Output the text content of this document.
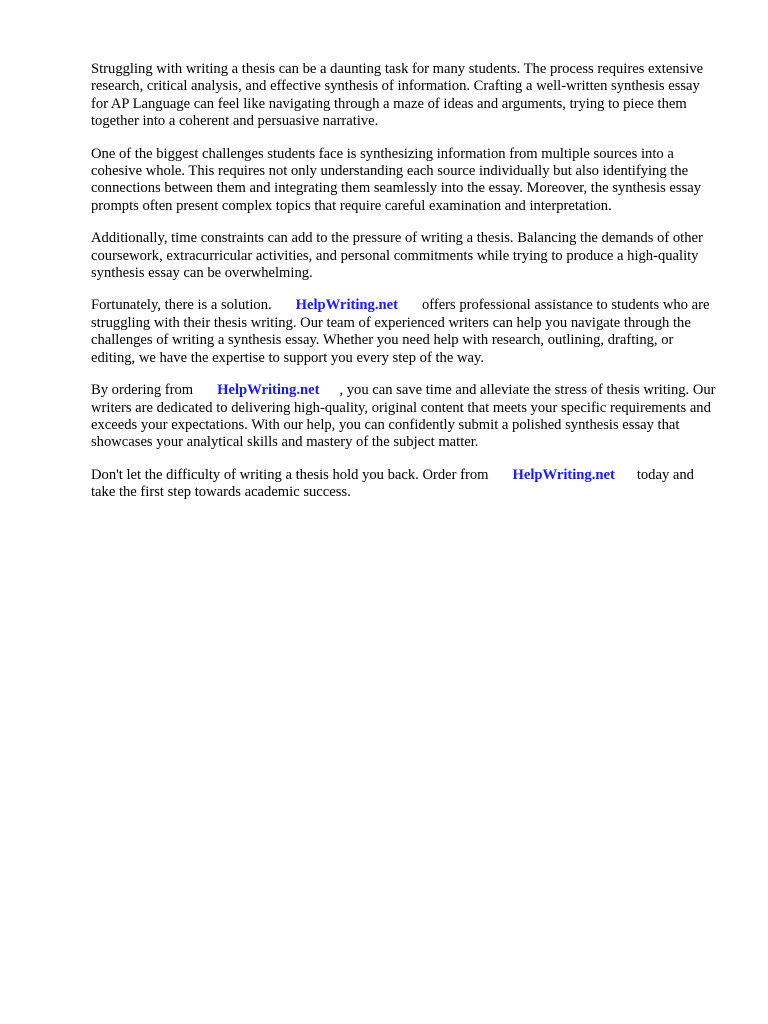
Struggling with writing a thesis can be a daunting task for many students. The process requires extensive research, critical analysis, and effective synthesis of information. Crafting a well-written synthesis essay for AP Language can feel like navigating through a maze of ideas and arguments, trying to piece them together into a coherent and persuasive narrative.

One of the biggest challenges students face is synthesizing information from multiple sources into a cohesive whole. This requires not only understanding each source individually but also identifying the connections between them and integrating them seamlessly into the essay. Moreover, the synthesis essay prompts often present complex topics that require careful examination and interpretation.

Additionally, time constraints can add to the pressure of writing a thesis. Balancing the demands of other coursework, extracurricular activities, and personal commitments while trying to produce a high-quality synthesis essay can be overwhelming.

Fortunately, there is a solution. HelpWriting.net offers professional assistance to students who are struggling with their thesis writing. Our team of experienced writers can help you navigate through the challenges of writing a synthesis essay. Whether you need help with research, outlining, drafting, or editing, we have the expertise to support you every step of the way.

By ordering from HelpWriting.net , you can save time and alleviate the stress of thesis writing. Our writers are dedicated to delivering high-quality, original content that meets your specific requirements and exceeds your expectations. With our help, you can confidently submit a polished synthesis essay that showcases your analytical skills and mastery of the subject matter.

Don't let the difficulty of writing a thesis hold you back. Order from HelpWriting.net today and take the first step towards academic success.
